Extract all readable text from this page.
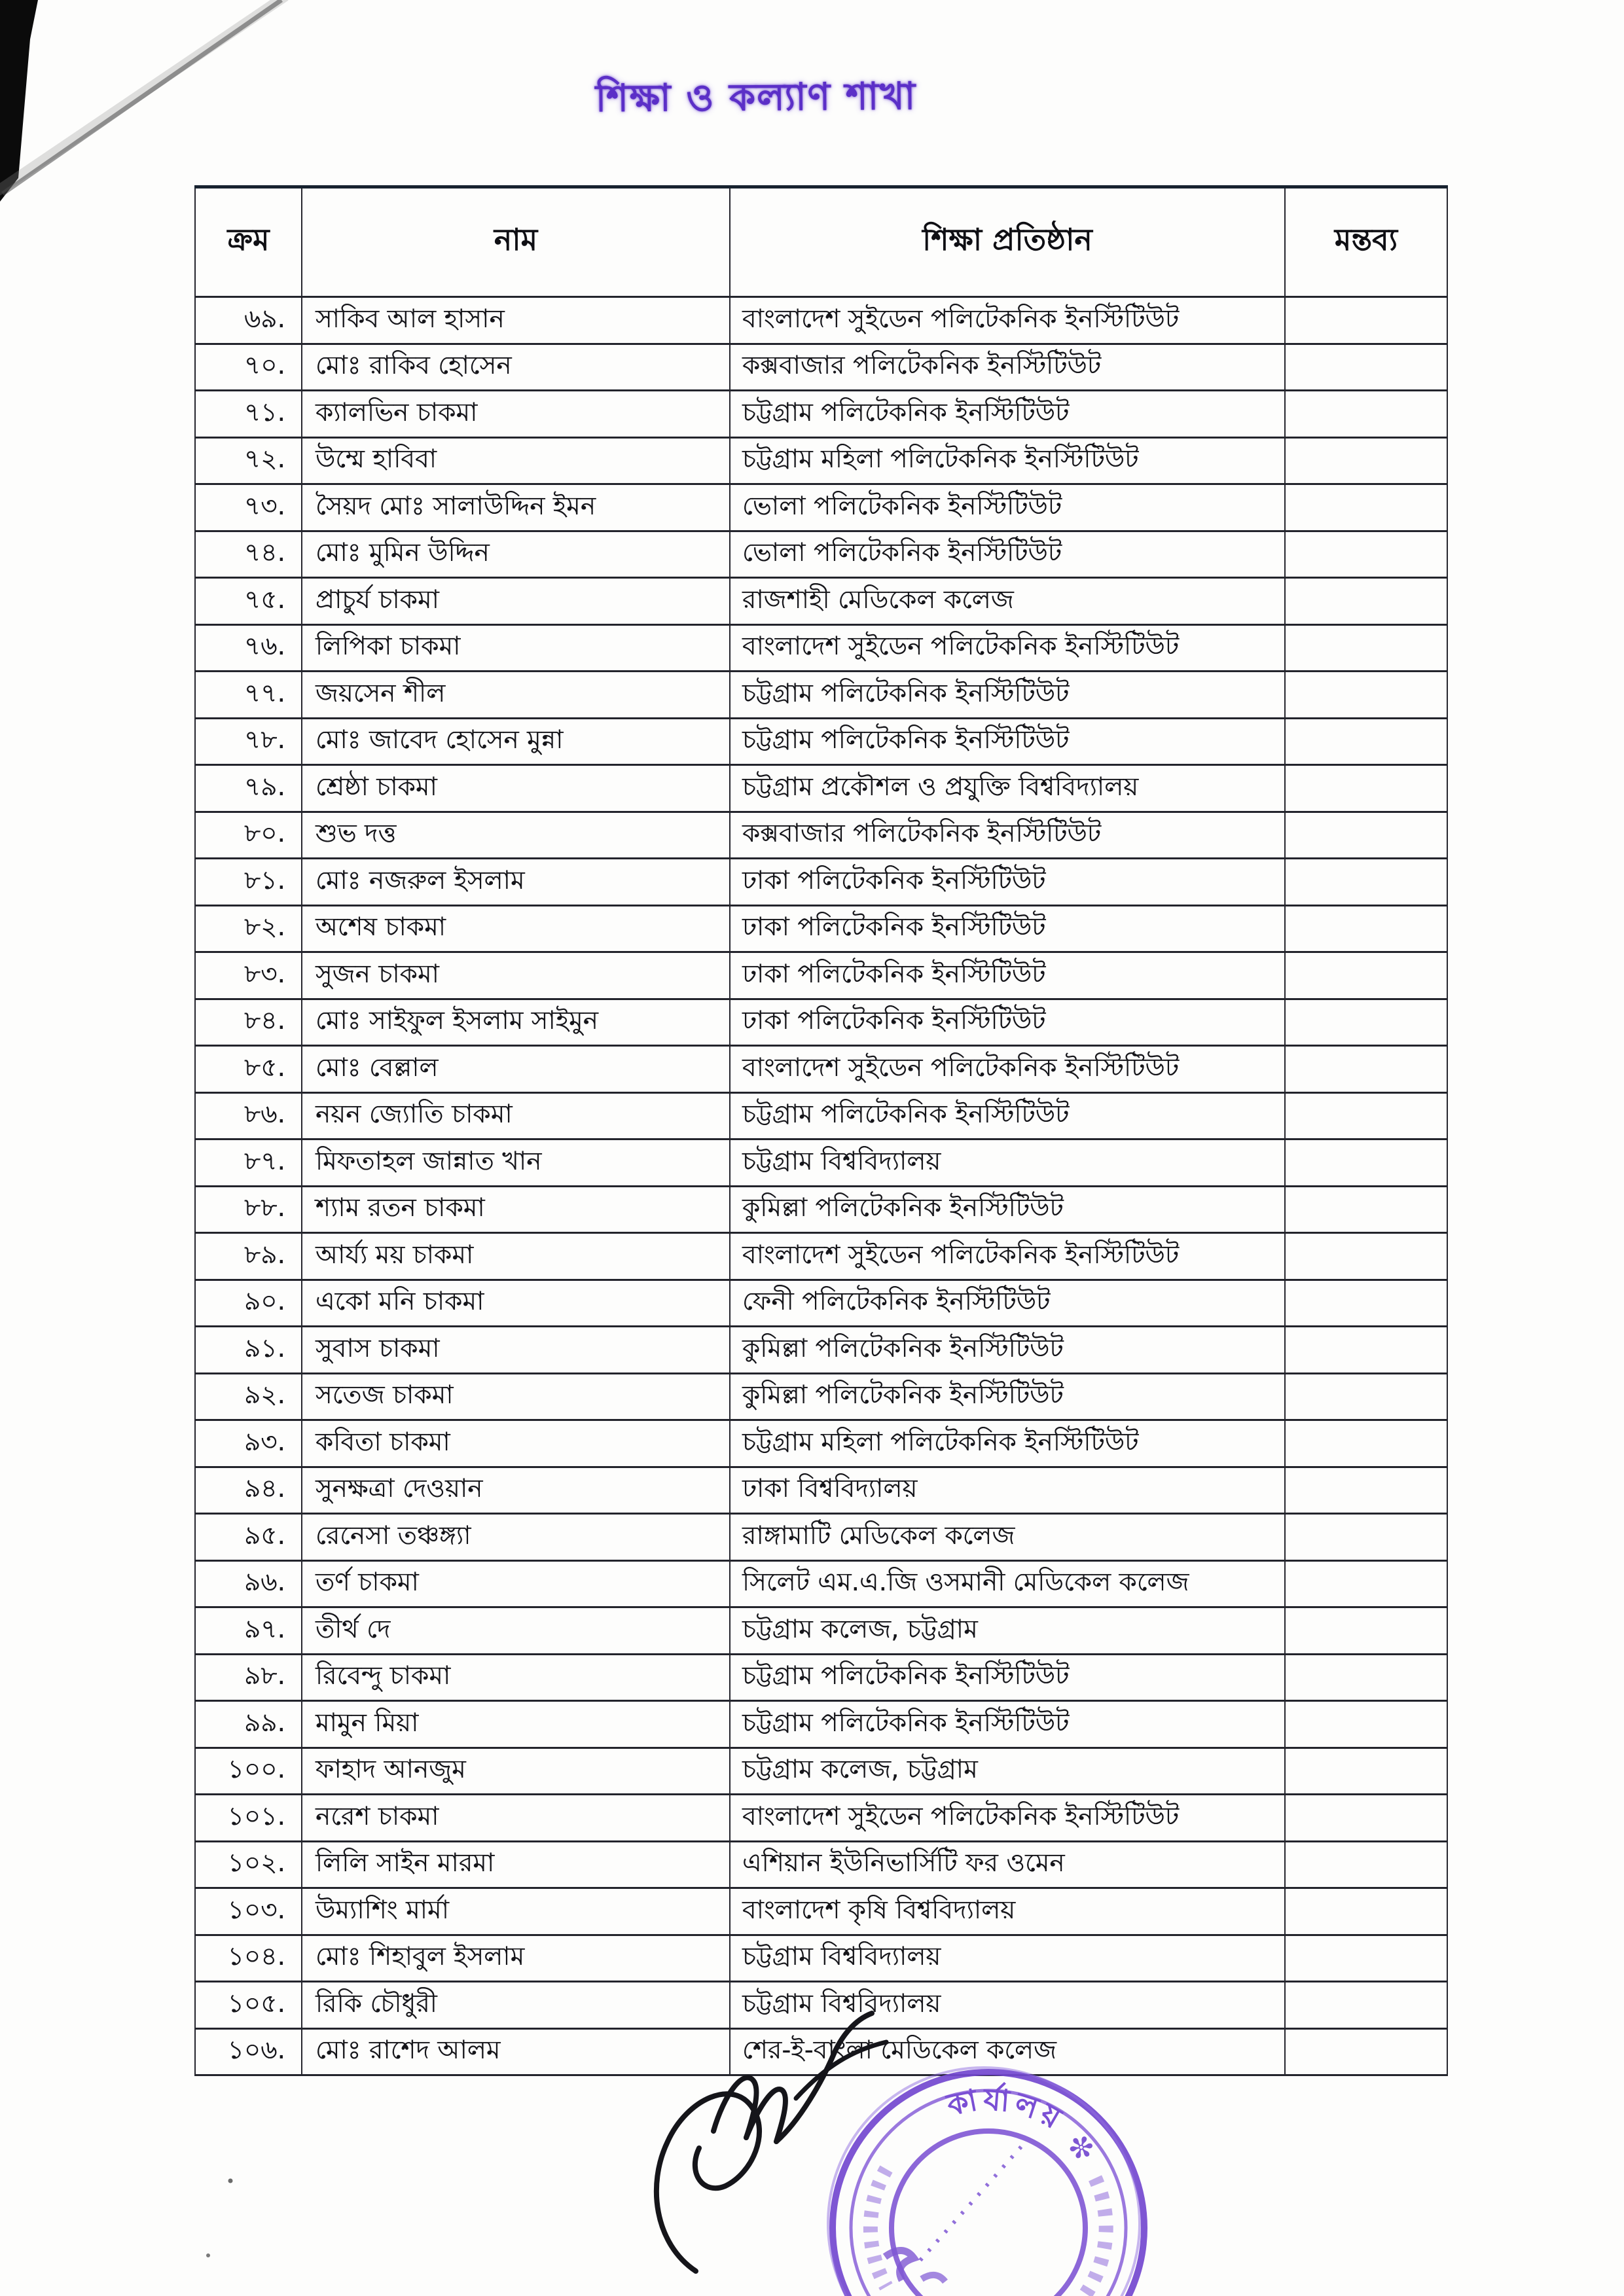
শিক্ষা ও কল্যাণ শাখা
ক্রম	নাম	শিক্ষা প্রতিষ্ঠান	মন্তব্য
৬৯.	সাকিব আল হাসান	বাংলাদেশ সুইডেন পলিটেকনিক ইনস্টিটিউট	
৭০.	মোঃ রাকিব হোসেন	কক্সবাজার পলিটেকনিক ইনস্টিটিউট	
৭১.	ক্যালভিন চাকমা	চট্টগ্রাম পলিটেকনিক ইনস্টিটিউট	
৭২.	উম্মে হাবিবা	চট্টগ্রাম মহিলা পলিটেকনিক ইনস্টিটিউট	
৭৩.	সৈয়দ মোঃ সালাউদ্দিন ইমন	ভোলা পলিটেকনিক ইনস্টিটিউট	
৭৪.	মোঃ মুমিন উদ্দিন	ভোলা পলিটেকনিক ইনস্টিটিউট	
৭৫.	প্রাচুর্য চাকমা	রাজশাহী মেডিকেল কলেজ	
৭৬.	লিপিকা চাকমা	বাংলাদেশ সুইডেন পলিটেকনিক ইনস্টিটিউট	
৭৭.	জয়সেন শীল	চট্টগ্রাম পলিটেকনিক ইনস্টিটিউট	
৭৮.	মোঃ জাবেদ হোসেন মুন্না	চট্টগ্রাম পলিটেকনিক ইনস্টিটিউট	
৭৯.	শ্রেষ্ঠা চাকমা	চট্টগ্রাম প্রকৌশল ও প্রযুক্তি বিশ্ববিদ্যালয়	
৮০.	শুভ দত্ত	কক্সবাজার পলিটেকনিক ইনস্টিটিউট	
৮১.	মোঃ নজরুল ইসলাম	ঢাকা পলিটেকনিক ইনস্টিটিউট	
৮২.	অশেষ চাকমা	ঢাকা পলিটেকনিক ইনস্টিটিউট	
৮৩.	সুজন চাকমা	ঢাকা পলিটেকনিক ইনস্টিটিউট	
৮৪.	মোঃ সাইফুল ইসলাম সাইমুন	ঢাকা পলিটেকনিক ইনস্টিটিউট	
৮৫.	মোঃ বেল্লাল	বাংলাদেশ সুইডেন পলিটেকনিক ইনস্টিটিউট	
৮৬.	নয়ন জ্যোতি চাকমা	চট্টগ্রাম পলিটেকনিক ইনস্টিটিউট	
৮৭.	মিফতাহল জান্নাত খান	চট্টগ্রাম বিশ্ববিদ্যালয়	
৮৮.	শ্যাম রতন চাকমা	কুমিল্লা পলিটেকনিক ইনস্টিটিউট	
৮৯.	আর্য্য ময় চাকমা	বাংলাদেশ সুইডেন পলিটেকনিক ইনস্টিটিউট	
৯০.	একো মনি চাকমা	ফেনী পলিটেকনিক ইনস্টিটিউট	
৯১.	সুবাস চাকমা	কুমিল্লা পলিটেকনিক ইনস্টিটিউট	
৯২.	সতেজ চাকমা	কুমিল্লা পলিটেকনিক ইনস্টিটিউট	
৯৩.	কবিতা চাকমা	চট্টগ্রাম মহিলা পলিটেকনিক ইনস্টিটিউট	
৯৪.	সুনক্ষত্রা দেওয়ান	ঢাকা বিশ্ববিদ্যালয়	
৯৫.	রেনেসা তঞ্চঙ্গ্যা	রাঙ্গামাটি মেডিকেল কলেজ	
৯৬.	তর্ণ চাকমা	সিলেট এম.এ.জি ওসমানী মেডিকেল কলেজ	
৯৭.	তীর্থ দে	চট্টগ্রাম কলেজ, চট্টগ্রাম	
৯৮.	রিবেন্দু চাকমা	চট্টগ্রাম পলিটেকনিক ইনস্টিটিউট	
৯৯.	মামুন মিয়া	চট্টগ্রাম পলিটেকনিক ইনস্টিটিউট	
১০০.	ফাহাদ আনজুম	চট্টগ্রাম কলেজ, চট্টগ্রাম	
১০১.	নরেশ চাকমা	বাংলাদেশ সুইডেন পলিটেকনিক ইনস্টিটিউট	
১০২.	লিলি সাইন মারমা	এশিয়ান ইউনিভার্সিটি ফর ওমেন	
১০৩.	উম্যাশিং মার্মা	বাংলাদেশ কৃষি বিশ্ববিদ্যালয়	
১০৪.	মোঃ শিহাবুল ইসলাম	চট্টগ্রাম বিশ্ববিদ্যালয়	
১০৫.	রিকি চৌধুরী	চট্টগ্রাম বিশ্ববিদ্যালয়	
১০৬.	মোঃ রাশেদ আলম	শের-ই-বাংলা মেডিকেল কলেজ	
কার্যালয়
✼
